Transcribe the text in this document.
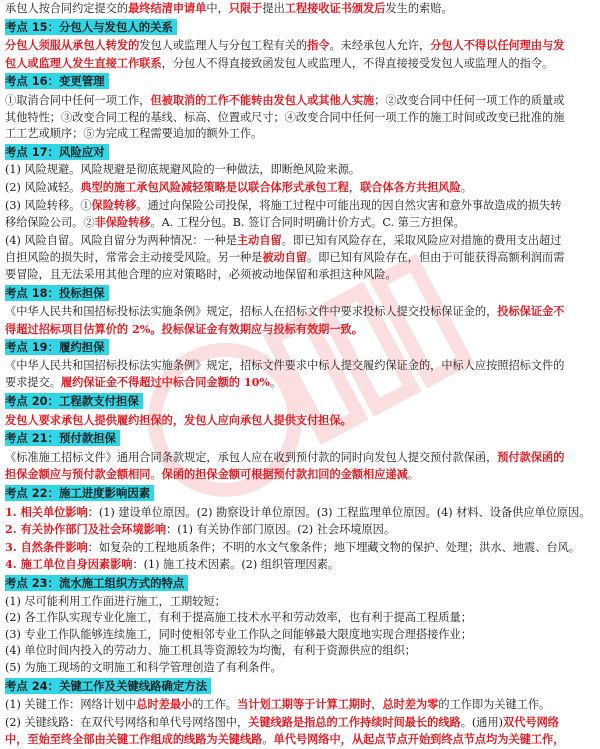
承包人按合同约定提交的最终结清申请单中，只限于提出工程接收证书颁发后发生的索赔。
考点 15：分包人与发包人的关系
分包人须服从承包人转发的发包人或监理人与分包工程有关的指令。未经承包人允许，分包人不得以任何理由与发
包人或监理人发生直接工作联系，分包人不得直接致函发包人或监理人，不得直接接受发包人或监理人的指令。
考点 16：变更管理
①取消合同中任何一项工作，但被取消的工作不能转由发包人或其他人实施；②改变合同中任何一项工作的质量或
其他特性；③改变合同工程的基线、标高、位置或尺寸；④改变合同中任何一项工作的施工时间或改变已批准的施
工工艺或顺序；⑤为完成工程需要追加的额外工作。
考点 17：风险应对
(1) 风险规避。风险规避是彻底规避风险的一种做法，即断绝风险来源。
(2) 风险减轻。典型的施工承包风险减轻策略是以联合体形式承包工程，联合体各方共担风险。
(3) 风险转移。①保险转移。通过向保险公司投保，将施工过程中可能出现的因自然灾害和意外事故造成的损失转
移给保险公司。②非保险转移。A. 工程分包。B. 签订合同时明确计价方式。C. 第三方担保。
(4) 风险自留。风险自留分为两种情况：一种是主动自留。即已知有风险存在，采取风险应对措施的费用支出超过
自担风险的损失时，常常会主动接受风险。另一种是被动自留。即已知有风险存在，但由于可能获得高额利润而需
要冒险，且无法采用其他合理的应对策略时，必须被动地保留和承担这种风险。
考点 18：投标担保
《中华人民共和国招标投标法实施条例》规定，招标人在招标文件中要求投标人提交投标保证金的，投标保证金不
得超过招标项目估算价的 2%。投标保证金有效期应与投标有效期一致。
考点 19：履约担保
《中华人民共和国招标投标法实施条例》规定，招标文件要求中标人提交履约保证金的，中标人应按照招标文件的
要求提交。履约保证金不得超过中标合同金额的 10%。
考点 20：工程款支付担保
发包人要求承包人提供履约担保的，发包人应向承包人提供支付担保。
考点 21：预付款担保
《标准施工招标文件》通用合同条款规定，承包人应在收到预付款的同时向发包人提交预付款保函，预付款保函的
担保金额应与预付款金额相同。保函的担保金额可根据预付款扣回的金额相应递减。
考点 22：施工进度影响因素
1. 相关单位影响：(1) 建设单位原因。(2) 勘察设计单位原因。(3) 工程监理单位原因。(4) 材料、设备供应单位原因。
2. 有关协作部门及社会环境影响：(1) 有关协作部门原因。(2) 社会环境原因。
3. 自然条件影响：如复杂的工程地质条件；不明的水文气象条件；地下埋藏文物的保护、处理；洪水、地震、台风。
4. 施工单位自身因素影响：(1) 施工技术因素。(2) 组织管理因素。
考点 23：流水施工组织方式的特点
(1) 尽可能利用工作面进行施工，工期较短；
(2) 各工作队实现专业化施工，有利于提高施工技术水平和劳动效率，也有利于提高工程质量；
(3) 专业工作队能够连续施工，同时使相邻专业工作队之间能够最大限度地实现合理搭接作业；
(4) 单位时间内投入的劳动力、施工机具等资源较为均衡，有利于资源供应的组织；
(5) 为施工现场的文明施工和科学管理创造了有利条件。
考点 24：关键工作及关键线路确定方法
(1) 关键工作：网络计划中总时差最小的工作。当计划工期等于计算工期时，总时差为零的工作即为关键工作。
(2) 关键线路：在双代号网络和单代号网络图中，关键线路是指总的工作持续时间最长的线路。(通用)双代号网络
中，至始至终全部由关键工作组成的线路为关键线路。单代号网络中，从起点节点开始到终点节点均为关键工作，
